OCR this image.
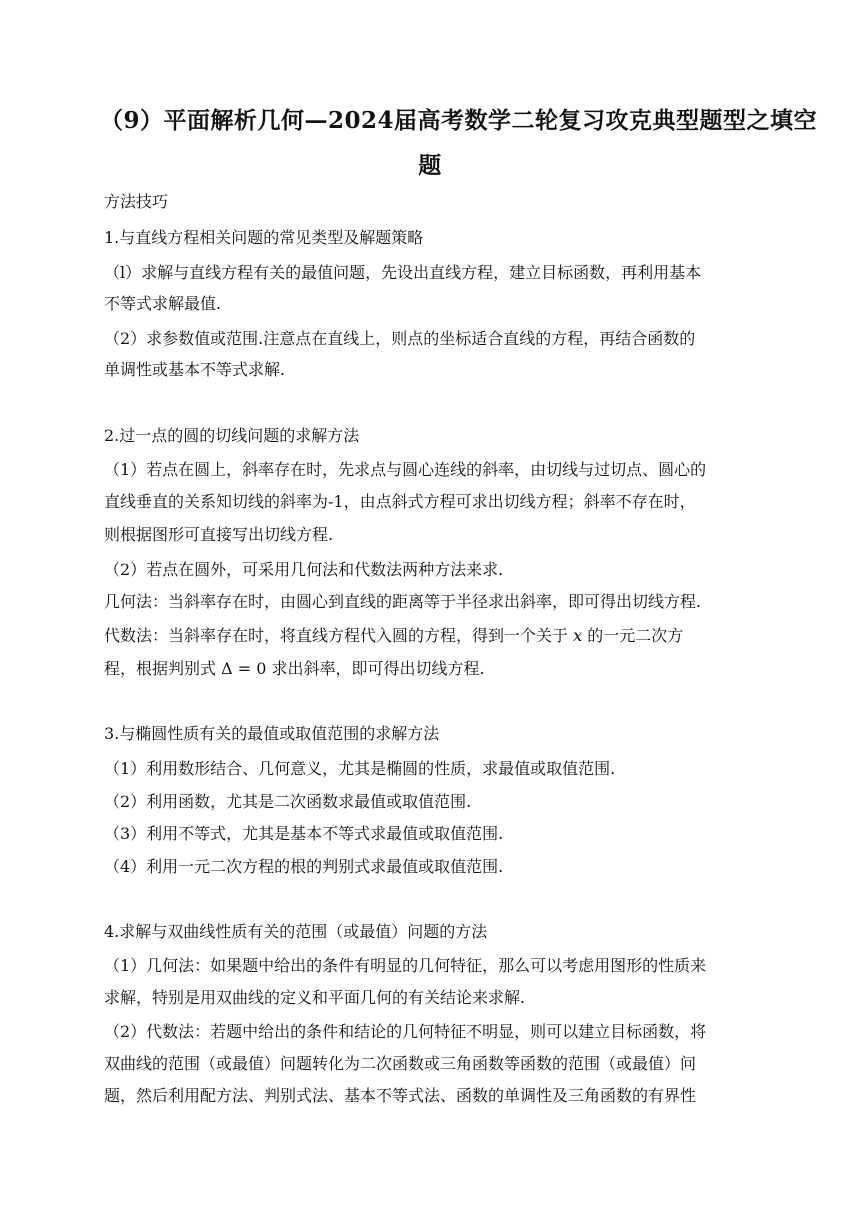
（9）平面解析几何—2024届高考数学二轮复习攻克典型题型之填空
题
方法技巧
1.与直线方程相关问题的常见类型及解题策略
（l）求解与直线方程有关的最值问题，先设出直线方程，建立目标函数，再利用基本
不等式求解最值.
（2）求参数值或范围.注意点在直线上，则点的坐标适合直线的方程，再结合函数的
单调性或基本不等式求解.
2.过一点的圆的切线问题的求解方法
（1）若点在圆上，斜率存在时，先求点与圆心连线的斜率，由切线与过切点、圆心的
直线垂直的关系知切线的斜率为-1，由点斜式方程可求出切线方程；斜率不存在时，
则根据图形可直接写出切线方程.
（2）若点在圆外，可采用几何法和代数法两种方法来求.
几何法：当斜率存在时，由圆心到直线的距离等于半径求出斜率，即可得出切线方程.
代数法：当斜率存在时，将直线方程代入圆的方程，得到一个关于 x 的一元二次方
程，根据判别式 Δ = 0 求出斜率，即可得出切线方程.
3.与椭圆性质有关的最值或取值范围的求解方法
（1）利用数形结合、几何意义，尤其是椭圆的性质，求最值或取值范围.
（2）利用函数，尤其是二次函数求最值或取值范围.
（3）利用不等式，尤其是基本不等式求最值或取值范围.
（4）利用一元二次方程的根的判别式求最值或取值范围.
4.求解与双曲线性质有关的范围（或最值）问题的方法
（1）几何法：如果题中给出的条件有明显的几何特征，那么可以考虑用图形的性质来
求解，特别是用双曲线的定义和平面几何的有关结论来求解.
（2）代数法：若题中给出的条件和结论的几何特征不明显，则可以建立目标函数，将
双曲线的范围（或最值）问题转化为二次函数或三角函数等函数的范围（或最值）问
题，然后利用配方法、判别式法、基本不等式法、函数的单调性及三角函数的有界性
